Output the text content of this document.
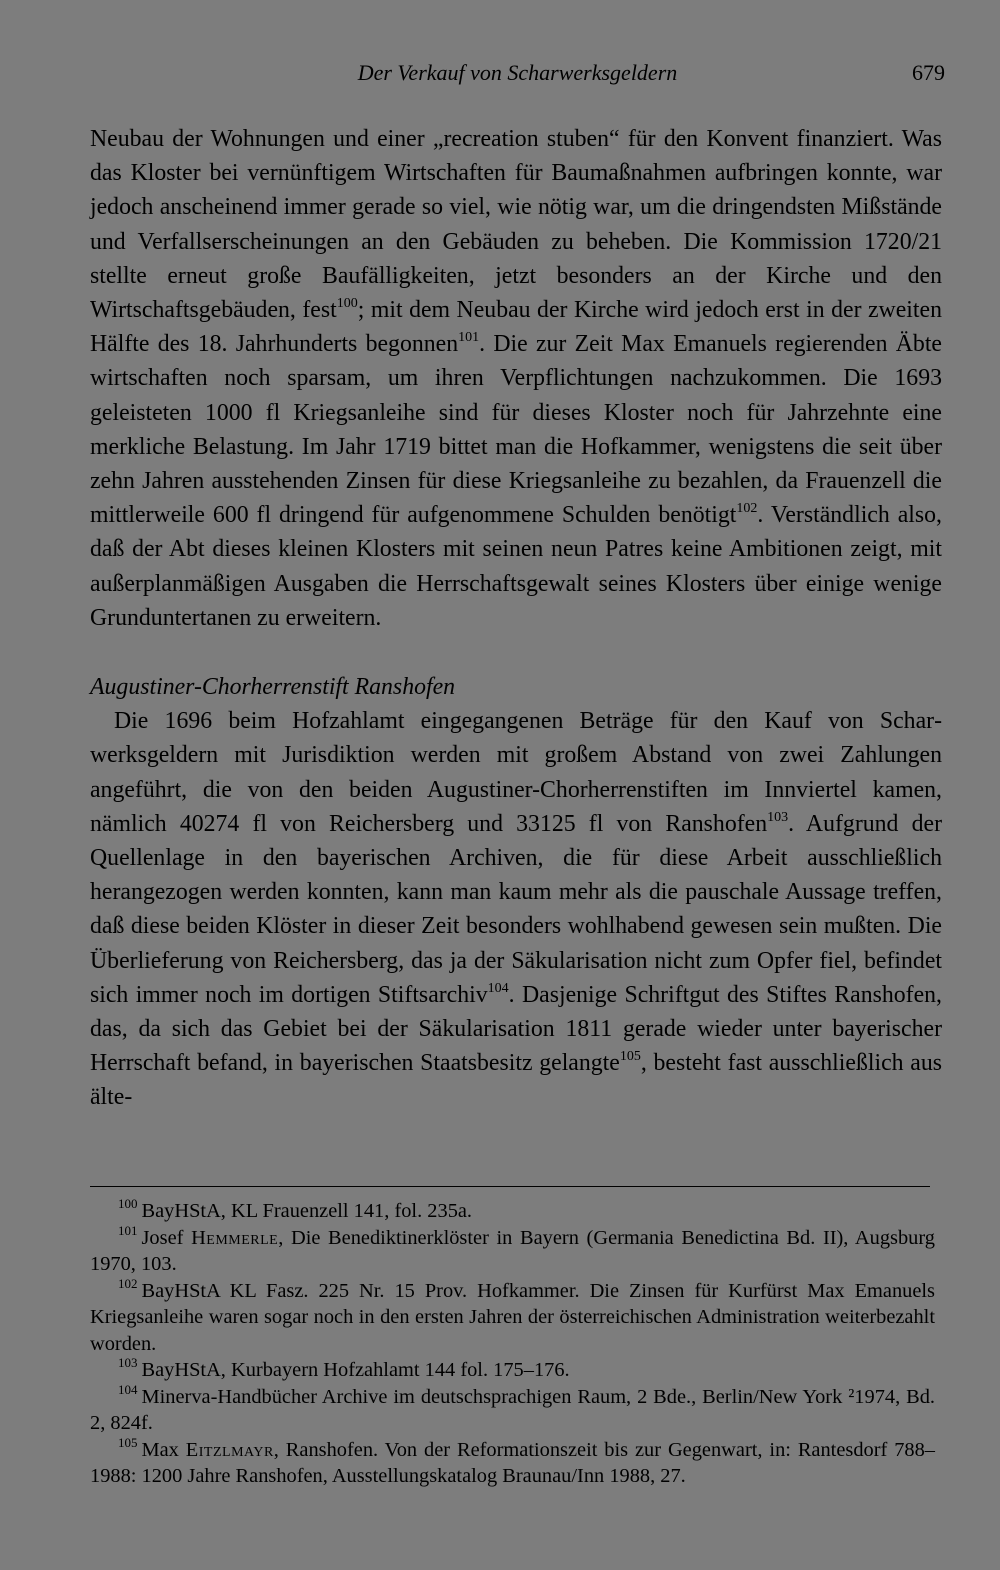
Der Verkauf von Scharwerksgeldern	679

Neubau der Wohnungen und einer „recreation stuben“ für den Konvent finanziert. Was das Kloster bei vernünftigem Wirtschaften für Baumaßnahmen aufbringen konnte, war jedoch anscheinend immer gerade so viel, wie nötig war, um die dringendsten Mißstände und Verfallserscheinungen an den Gebäuden zu beheben. Die Kommission 1720/21 stellte erneut große Baufälligkeiten, jetzt besonders an der Kirche und den Wirtschaftsgebäuden, fest$^{100}$; mit dem Neubau der Kirche wird jedoch erst in der zweiten Hälfte des 18. Jahrhunderts begonnen$^{101}$. Die zur Zeit Max Emanuels regierenden Äbte wirtschaften noch sparsam, um ihren Verpflichtungen nachzukommen. Die 1693 geleisteten 1000 fl Kriegsanleihe sind für dieses Kloster noch für Jahrzehnte eine merkliche Belastung. Im Jahr 1719 bittet man die Hofkammer, wenigstens die seit über zehn Jahren ausstehenden Zinsen für diese Kriegsanleihe zu bezahlen, da Frauenzell die mittlerweile 600 fl dringend für aufgenommene Schulden benötigt$^{102}$. Verständlich also, daß der Abt dieses kleinen Klosters mit seinen neun Patres keine Ambitionen zeigt, mit außerplanmäßigen Ausgaben die Herrschaftsgewalt seines Klosters über einige wenige Grunduntertanen zu erweitern.

Augustiner-Chorherrenstift Ranshofen

Die 1696 beim Hofzahlamt eingegangenen Beträge für den Kauf von Scharwerksgeldern mit Jurisdiktion werden mit großem Abstand von zwei Zahlungen angeführt, die von den beiden Augustiner-Chorherrenstiften im Innviertel kamen, nämlich 40274 fl von Reichersberg und 33125 fl von Ranshofen$^{103}$. Aufgrund der Quellenlage in den bayerischen Archiven, die für diese Arbeit ausschließlich herangezogen werden konnten, kann man kaum mehr als die pauschale Aussage treffen, daß diese beiden Klöster in dieser Zeit besonders wohlhabend gewesen sein mußten. Die Überlieferung von Reichersberg, das ja der Säkularisation nicht zum Opfer fiel, befindet sich immer noch im dortigen Stiftsarchiv$^{104}$. Dasjenige Schriftgut des Stiftes Ranshofen, das, da sich das Gebiet bei der Säkularisation 1811 gerade wieder unter bayerischer Herrschaft befand, in bayerischen Staatsbesitz gelangte$^{105}$, besteht fast ausschließlich aus älte-

$^{100}$ BayHStA, KL Frauenzell 141, fol. 235a.

$^{101}$ Josef Hemmerle, Die Benediktinerklöster in Bayern (Germania Benedictina Bd. II), Augsburg 1970, 103.

$^{102}$ BayHStA KL Fasz. 225 Nr. 15 Prov. Hofkammer. Die Zinsen für Kurfürst Max Emanuels Kriegsanleihe waren sogar noch in den ersten Jahren der österreichischen Administration weiterbezahlt worden.

$^{103}$ BayHStA, Kurbayern Hofzahlamt 144 fol. 175–176.

$^{104}$ Minerva-Handbücher Archive im deutschsprachigen Raum, 2 Bde., Berlin/New York ²1974, Bd. 2, 824f.

$^{105}$ Max Eitzlmayr, Ranshofen. Von der Reformationszeit bis zur Gegenwart, in: Rantesdorf 788–1988: 1200 Jahre Ranshofen, Ausstellungskatalog Braunau/Inn 1988, 27.
